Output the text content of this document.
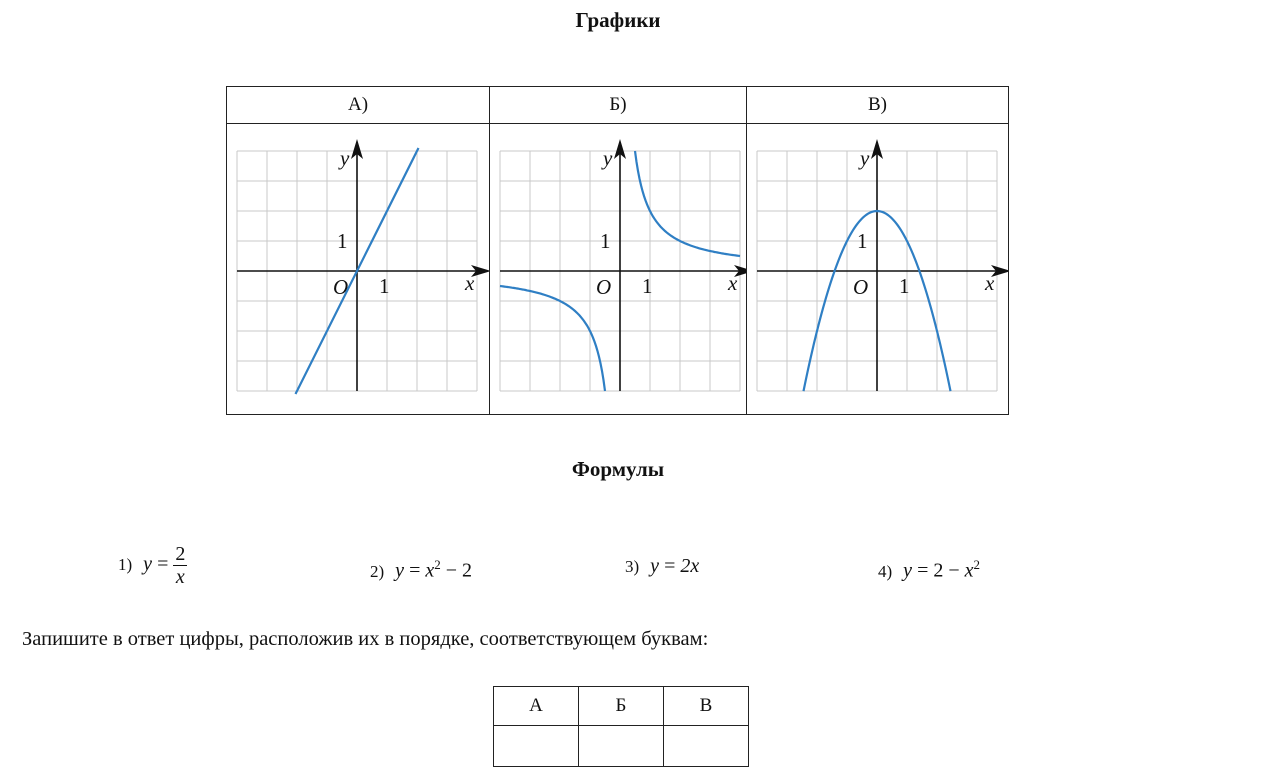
Графики
А)	Б)	В)

y
x
O 1
1	y
x
O 1
1	y
x
O 1
1
Формулы
1) $y = \frac{2}{x}$	2) $y = x^2 - 2$	3) y = 2x	4) $y = 2 - x^2$
Запишите в ответ цифры, расположив их в порядке, соответствующем буквам:
А	Б	В
